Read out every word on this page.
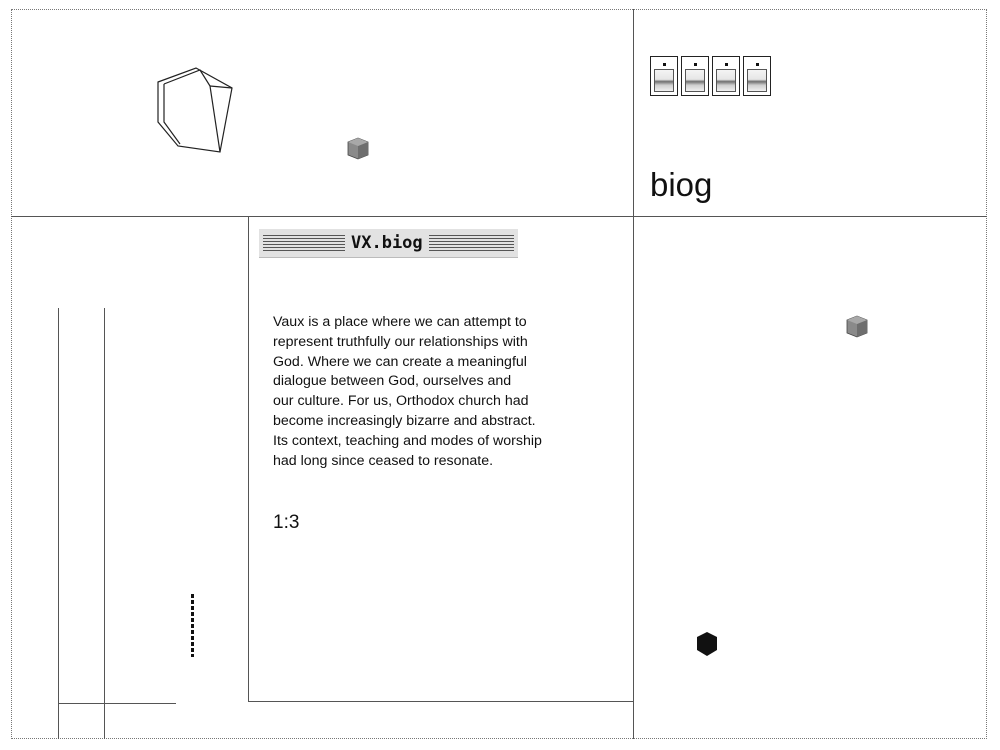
biog
VX.biog
Vaux is a place where we can attempt to
represent truthfully our relationships with
God. Where we can create a meaningful
dialogue between God, ourselves and
our culture. For us, Orthodox church had
become increasingly bizarre and abstract.
Its context, teaching and modes of worship
had long since ceased to resonate.
1:3
